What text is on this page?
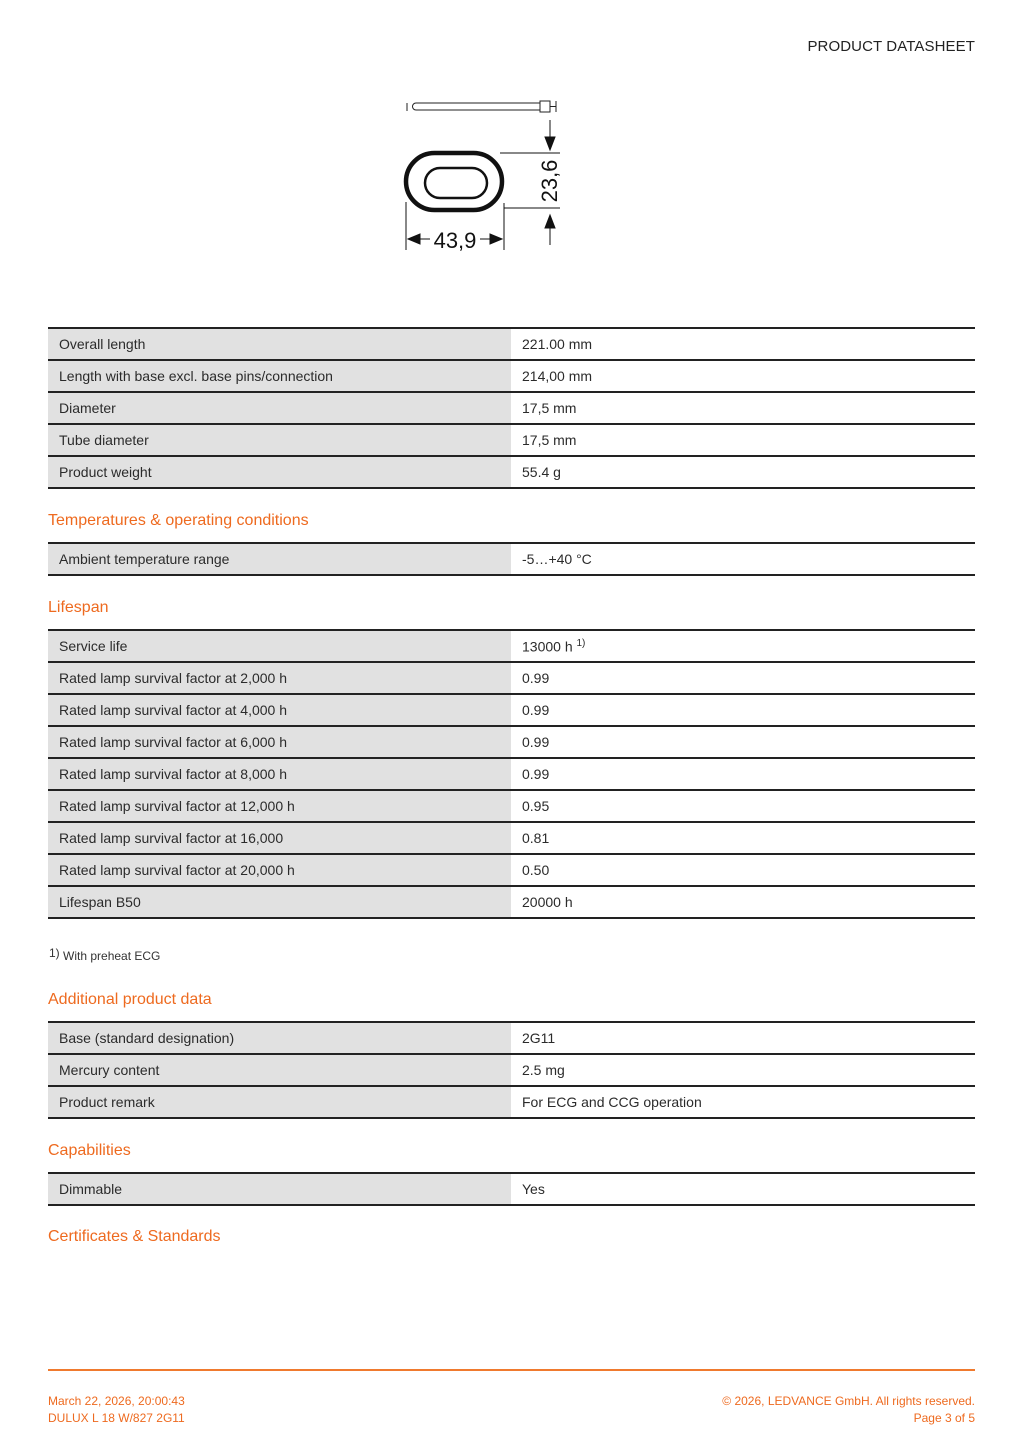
PRODUCT DATASHEET
43,9
23,6
Overall length	221.00 mm
Length with base excl. base pins/connection	214,00 mm
Diameter	17,5 mm
Tube diameter	17,5 mm
Product weight	55.4 g
Temperatures & operating conditions
Ambient temperature range	-5…+40 °C
Lifespan
Service life	13000 h $^{1)}$
Rated lamp survival factor at 2,000 h	0.99
Rated lamp survival factor at 4,000 h	0.99
Rated lamp survival factor at 6,000 h	0.99
Rated lamp survival factor at 8,000 h	0.99
Rated lamp survival factor at 12,000 h	0.95
Rated lamp survival factor at 16,000	0.81
Rated lamp survival factor at 20,000 h	0.50
Lifespan B50	20000 h
$^{1)}$ With preheat ECG
Additional product data
Base (standard designation)	2G11
Mercury content	2.5 mg
Product remark	For ECG and CCG operation
Capabilities
Dimmable	Yes
Certificates & Standards
March 22, 2026, 20:00:43
DULUX L 18 W/827 2G11
© 2026, LEDVANCE GmbH. All rights reserved.
Page 3 of 5
